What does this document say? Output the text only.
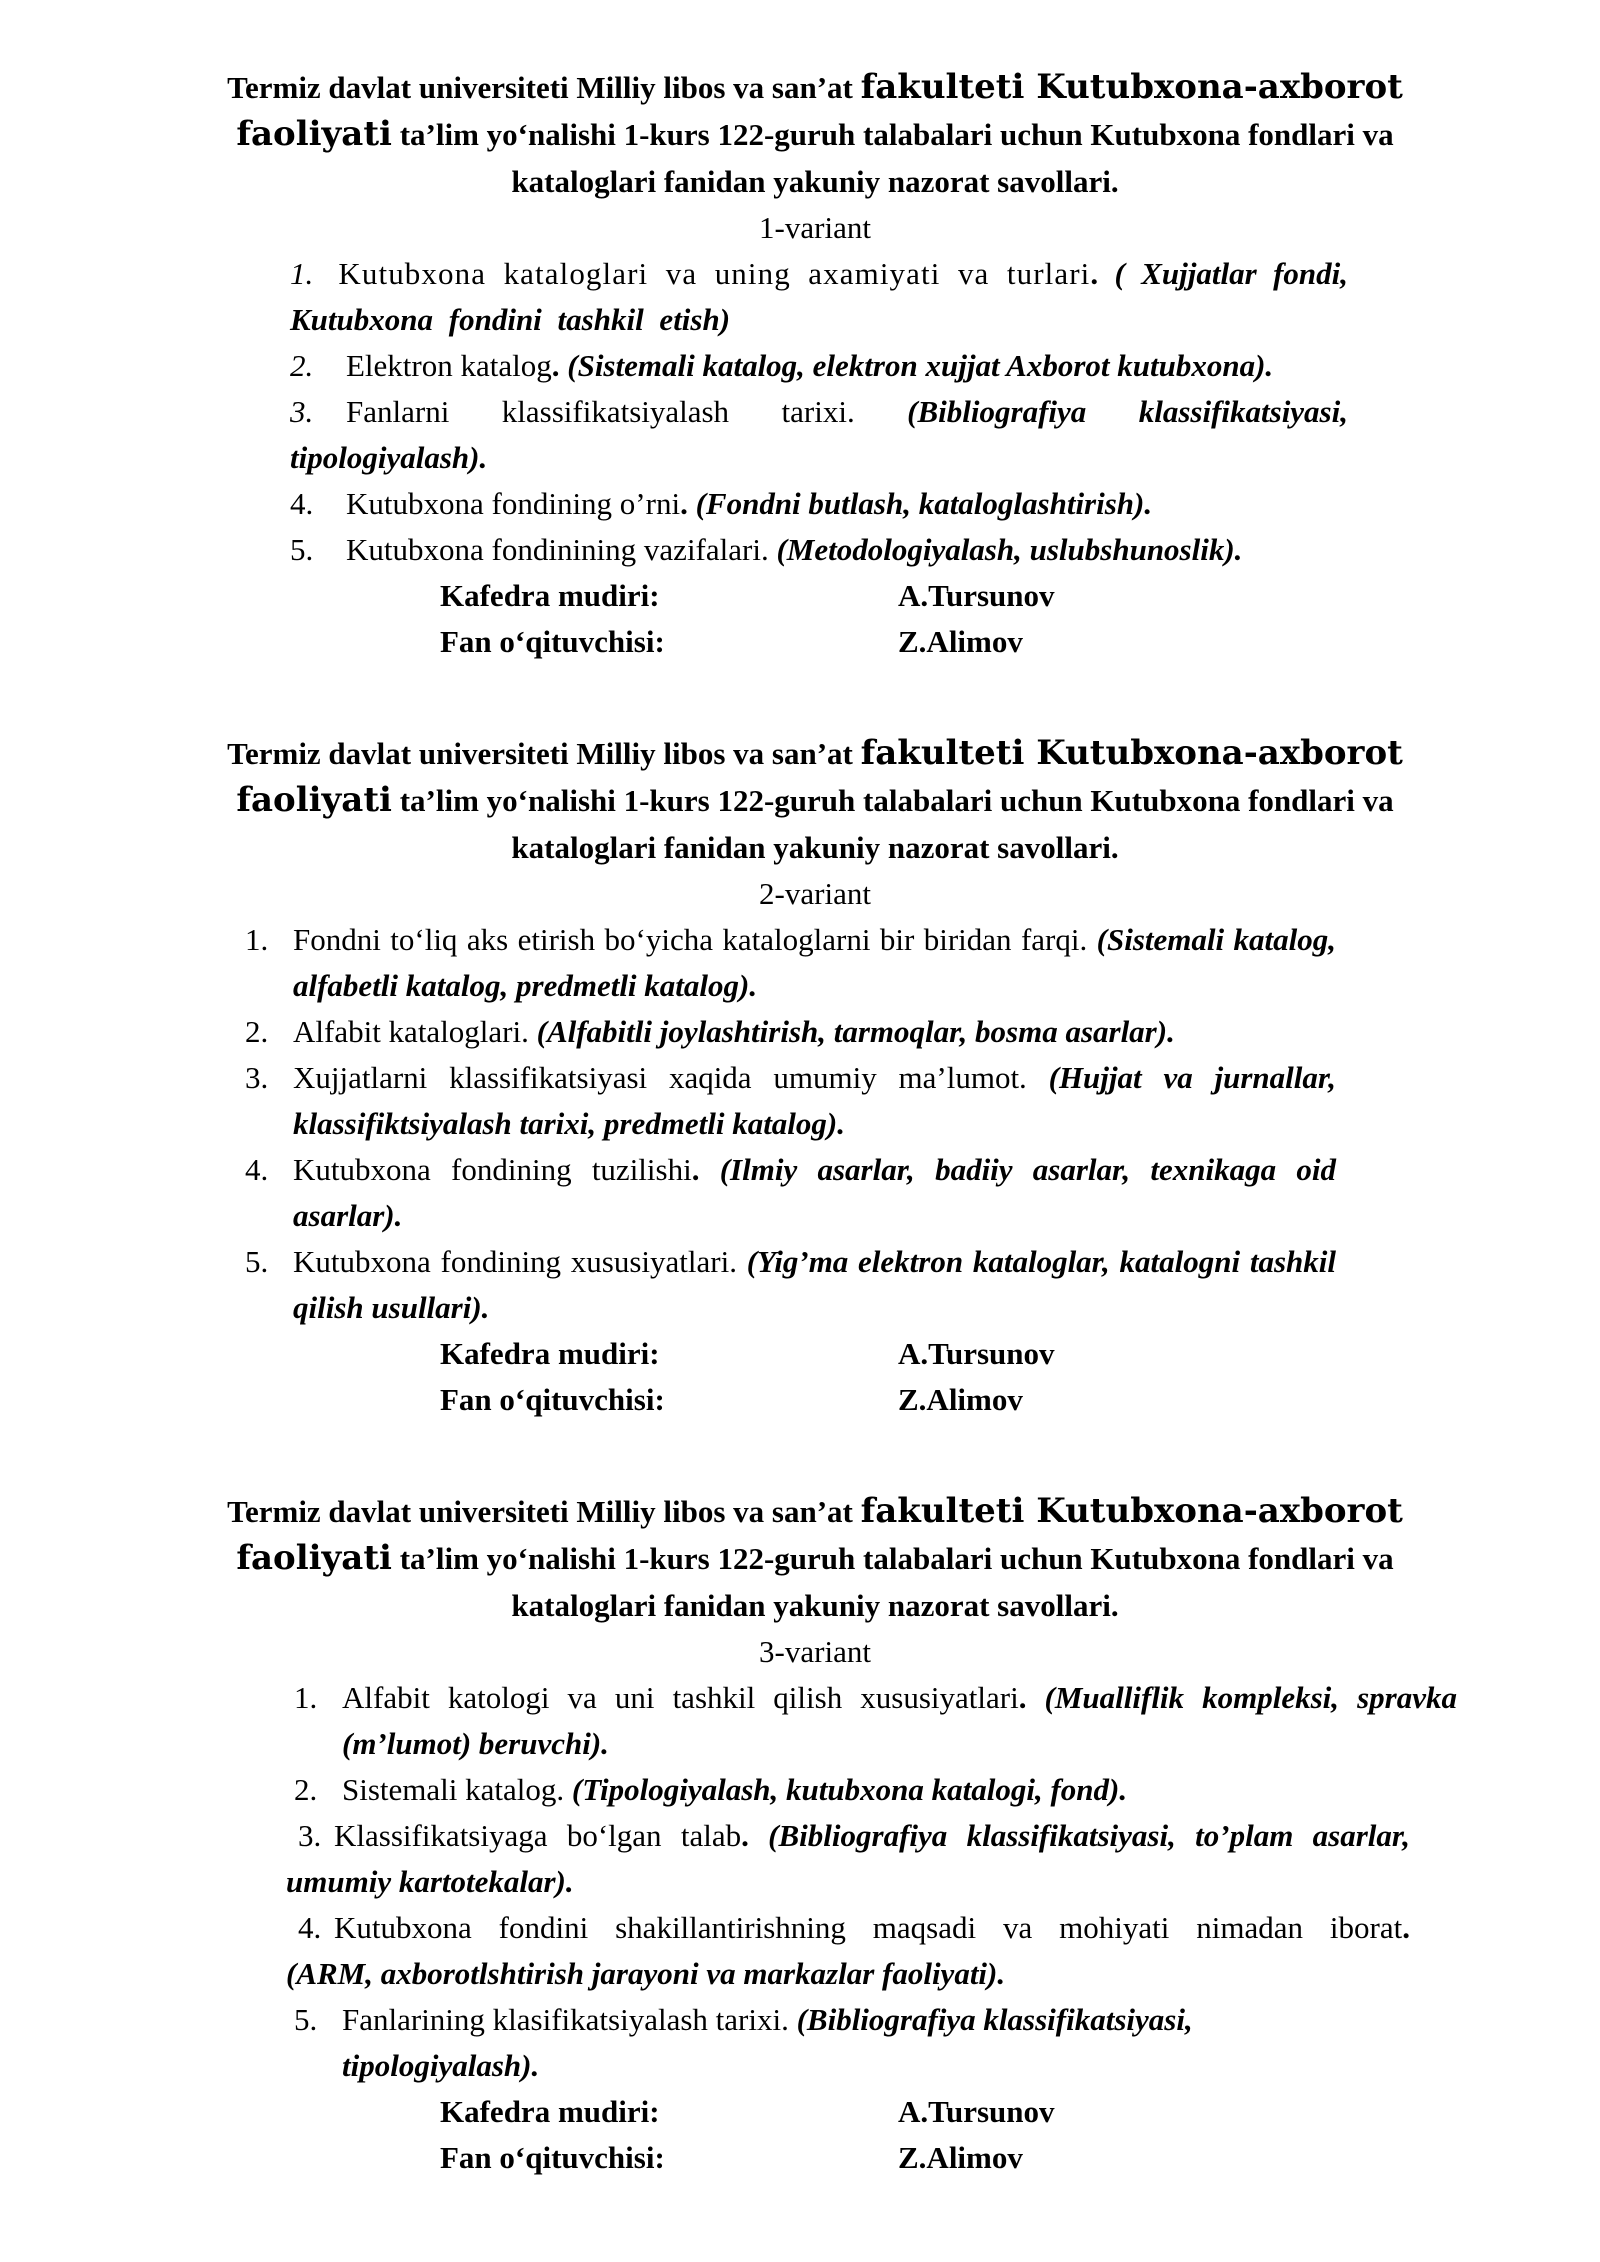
Termiz davlat universiteti Milliy libos va san’at fakulteti Kutubxona-axborot
faoliyati ta’lim yo‘nalishi 1-kurs 122-guruh talabalari uchun Kutubxona fondlari va
kataloglari fanidan yakuniy nazorat savollari.

1-variant

1. Kutubxona kataloglari va uning axamiyati va turlari. ( Xujjatlar fondi, Kutubxona fondini tashkil etish)
2. Elektron katalog. (Sistemali katalog, elektron xujjat Axborot kutubxona).
3. Fanlarni klassifikatsiyalash tarixi. (Bibliografiya klassifikatsiyasi, tipologiyalash).
4. Kutubxona fondining o’rni. (Fondni butlash, kataloglashtirish).
5. Kutubxona fondinining vazifalari. (Metodologiyalash, uslubshunoslik).
Kafedra mudiri:	A.Tursunov
Fan o‘qituvchisi:	Z.Alimov
Termiz davlat universiteti Milliy libos va san’at fakulteti Kutubxona-axborot
faoliyati ta’lim yo‘nalishi 1-kurs 122-guruh talabalari uchun Kutubxona fondlari va
kataloglari fanidan yakuniy nazorat savollari.

2-variant

1. Fondni to‘liq aks etirish bo‘yicha kataloglarni bir biridan farqi. (Sistemali katalog, alfabetli katalog, predmetli katalog).
2. Alfabit kataloglari. (Alfabitli joylashtirish, tarmoqlar, bosma asarlar).
3. Xujjatlarni klassifikatsiyasi xaqida umumiy ma’lumot. (Hujjat va jurnallar, klassifiktsiyalash tarixi, predmetli katalog).
4. Kutubxona fondining tuzilishi. (Ilmiy asarlar, badiiy asarlar, texnikaga oid asarlar).
5. Kutubxona fondining xususiyatlari. (Yig’ma elektron kataloglar, katalogni tashkil qilish usullari).
Kafedra mudiri:	A.Tursunov
Fan o‘qituvchisi:	Z.Alimov
Termiz davlat universiteti Milliy libos va san’at fakulteti Kutubxona-axborot
faoliyati ta’lim yo‘nalishi 1-kurs 122-guruh talabalari uchun Kutubxona fondlari va
kataloglari fanidan yakuniy nazorat savollari.

3-variant

1. Alfabit katologi va uni tashkil qilish xususiyatlari. (Mualliflik kompleksi, spravka (m’lumot) beruvchi).
2. Sistemali katalog. (Tipologiyalash, kutubxona katalogi, fond).
3. Klassifikatsiyaga bo‘lgan talab. (Bibliografiya klassifikatsiyasi, to’plam asarlar, umumiy kartotekalar).
4. Kutubxona fondini shakillantirishning maqsadi va mohiyati nimadan iborat. (ARM, axborotlshtirish jarayoni va markazlar faoliyati).
5. Fanlarining klasifikatsiyalash tarixi. (Bibliografiya klassifikatsiyasi, tipologiyalash).
Kafedra mudiri:	A.Tursunov
Fan o‘qituvchisi:	Z.Alimov
